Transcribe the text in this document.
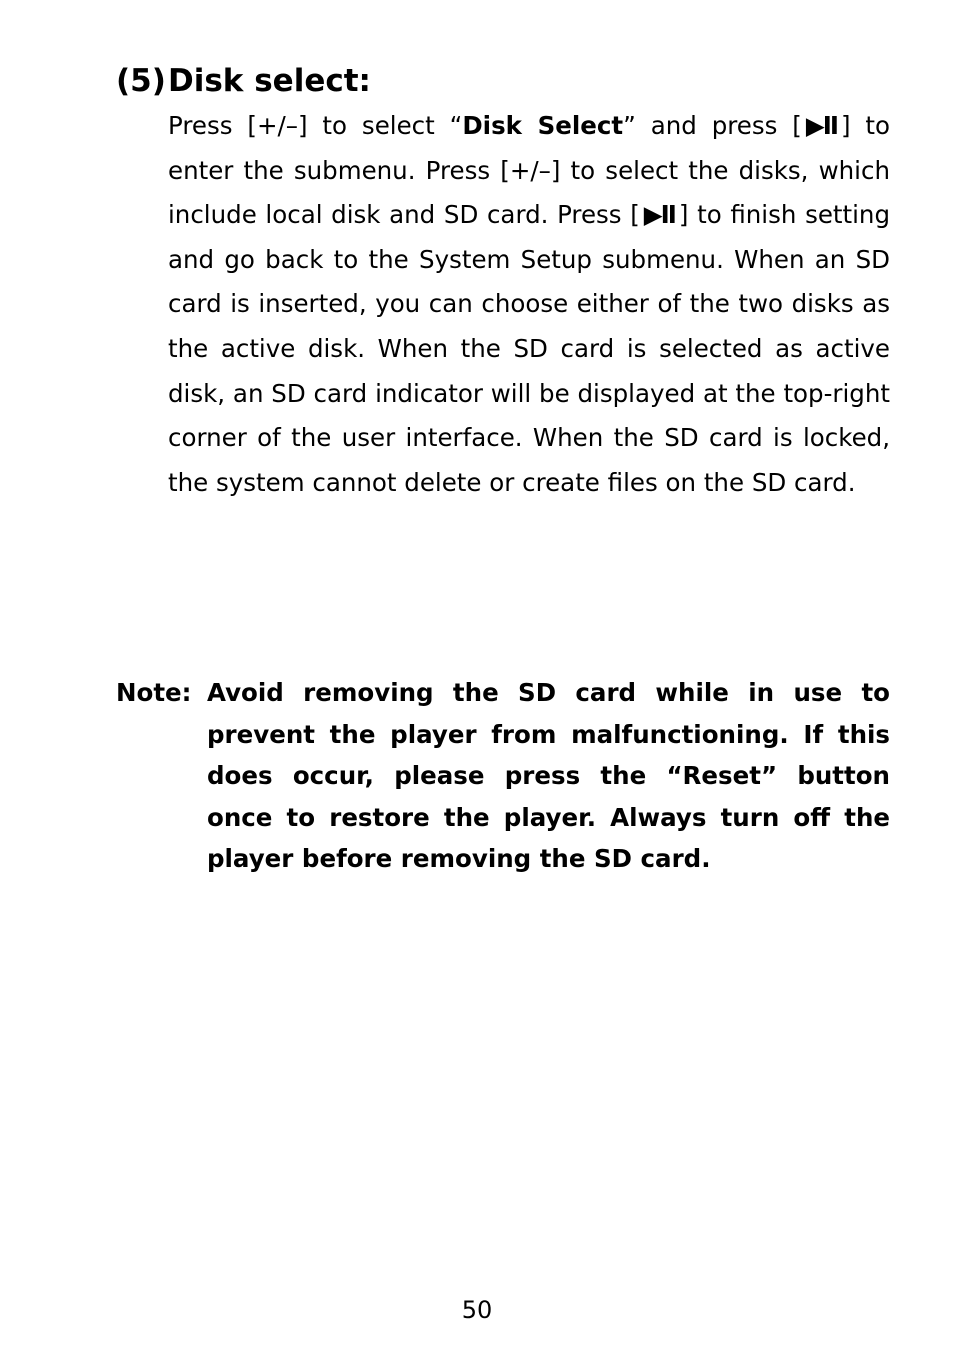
(5)Disk select:

Press [+/–] to select “Disk Select” and press [ ▶II ] to enter the submenu. Press [+/–] to select the disks, which include local disk and SD card. Press [ ▶II ] to finish setting and go back to the System Setup submenu. When an SD card is inserted, you can choose either of the two disks as the active disk. When the SD card is selected as active disk, an SD card indicator will be displayed at the top-right corner of the user interface. When the SD card is locked, the system cannot delete or create files on the SD card.

Note: Avoid removing the SD card while in use to prevent the player from malfunctioning. If this does occur, please press the “Reset” button once to restore the player. Always turn off the player before removing the SD card.

50
